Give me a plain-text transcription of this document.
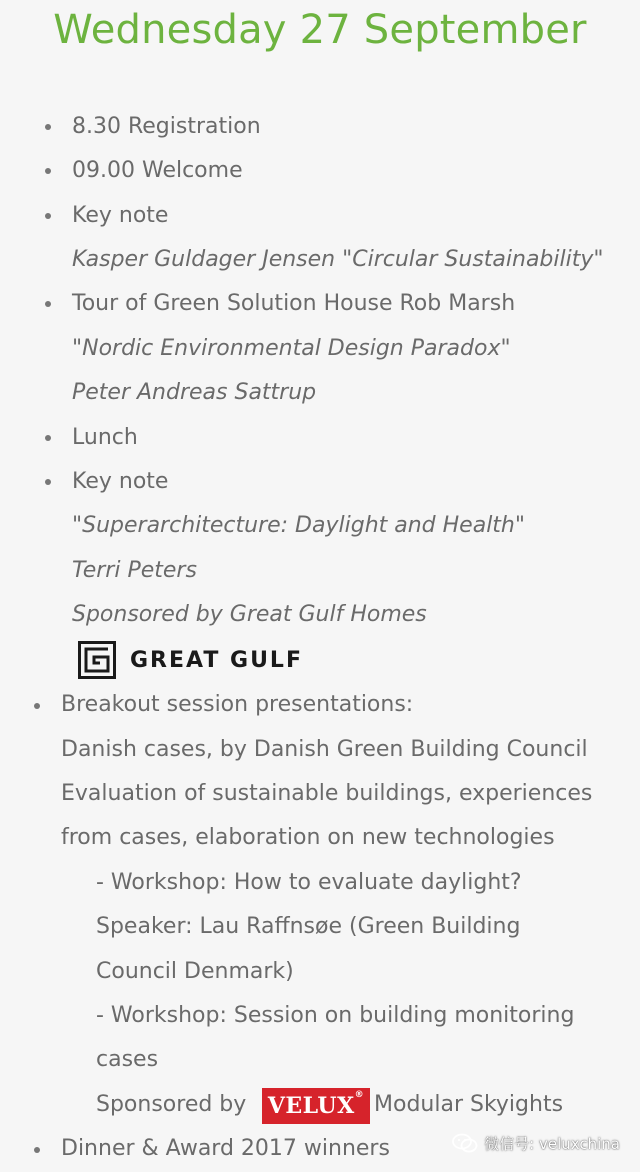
Wednesday 27 September
8.30 Registration
09.00 Welcome
Key note
Kasper Guldager Jensen "Circular Sustainability"
Tour of Green Solution House Rob Marsh
"Nordic Environmental Design Paradox"
Peter Andreas Sattrup
Lunch
Key note
"Superarchitecture: Daylight and Health"
Terri Peters
Sponsored by Great Gulf Homes
GREAT GULF
Breakout session presentations:
Danish cases, by Danish Green Building Council
Evaluation of sustainable buildings, experiences
from cases, elaboration on new technologies
- Workshop: How to evaluate daylight?
Speaker: Lau Raffnsøe (Green Building
Council Denmark)
- Workshop: Session on building monitoring
cases
Sponsored by VELUX® Modular Skyights
Dinner & Award 2017 winners	微信号: veluxchina
